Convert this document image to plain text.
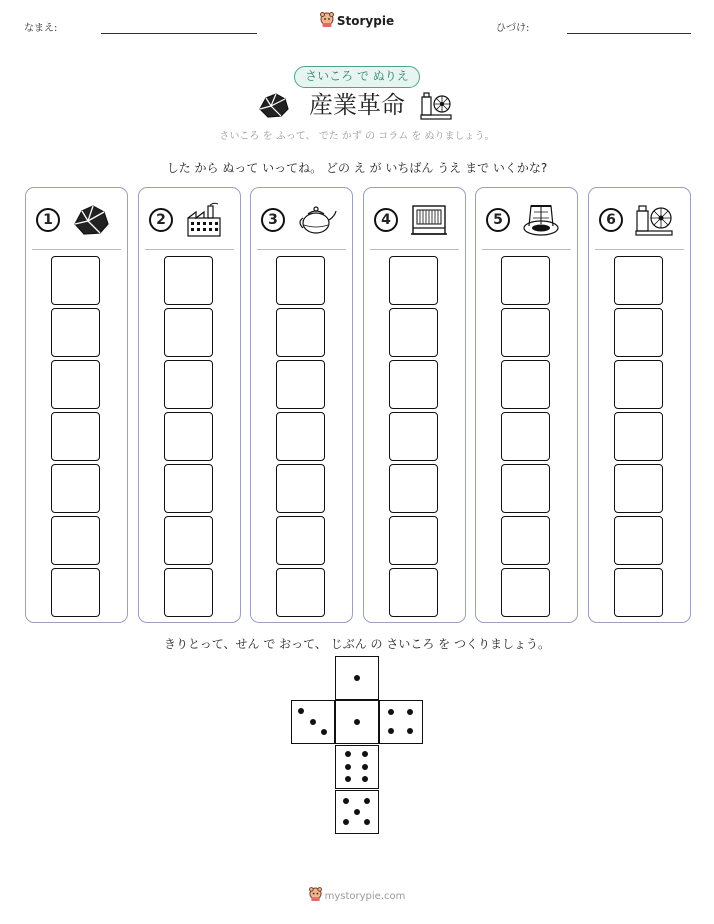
なまえ:
Storypie
ひづけ:
さいころ で ぬりえ
産業革命
さいころ を ふって、 でた かず の コラム を ぬりましょう。
した から ぬって いってね。 どの え が いちばん うえ まで いくかな?
1	2	3	4	5	6
きりとって、せん で おって、 じぶん の さいころ を つくりましょう。
mystorypie.com
